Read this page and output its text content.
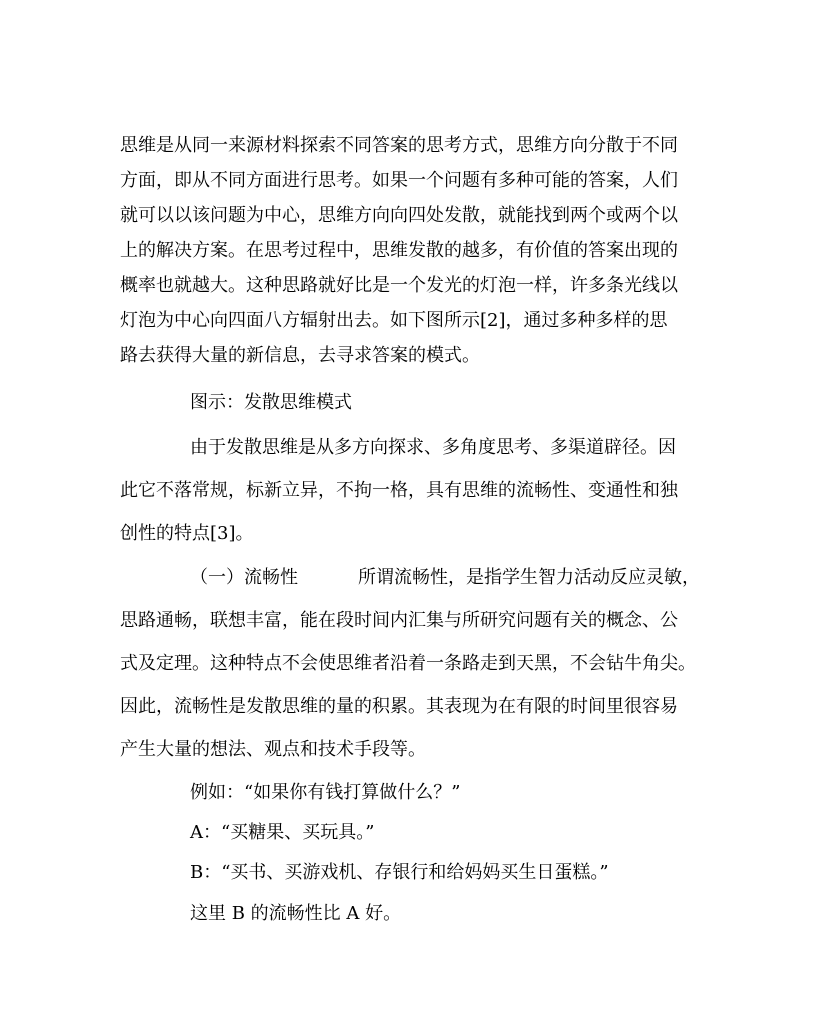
思维是从同一来源材料探索不同答案的思考方式，思维方向分散于不同
方面，即从不同方面进行思考。如果一个问题有多种可能的答案，人们
就可以以该问题为中心，思维方向向四处发散，就能找到两个或两个以
上的解决方案。在思考过程中，思维发散的越多，有价值的答案出现的
概率也就越大。这种思路就好比是一个发光的灯泡一样，许多条光线以
灯泡为中心向四面八方辐射出去。如下图所示[2]，通过多种多样的思
路去获得大量的新信息，去寻求答案的模式。
图示：发散思维模式
由于发散思维是从多方向探求、多角度思考、多渠道辟径。因
此它不落常规，标新立异，不拘一格，具有思维的流畅性、变通性和独
创性的特点[3]。
（一）流畅性	所谓流畅性，是指学生智力活动反应灵敏，
思路通畅，联想丰富，能在段时间内汇集与所研究问题有关的概念、公
式及定理。这种特点不会使思维者沿着一条路走到天黑，不会钻牛角尖。
因此，流畅性是发散思维的量的积累。其表现为在有限的时间里很容易
产生大量的想法、观点和技术手段等。
例如：“如果你有钱打算做什么？”
A：“买糖果、买玩具。”
B：“买书、买游戏机、存银行和给妈妈买生日蛋糕。”
这里 B 的流畅性比 A 好。
